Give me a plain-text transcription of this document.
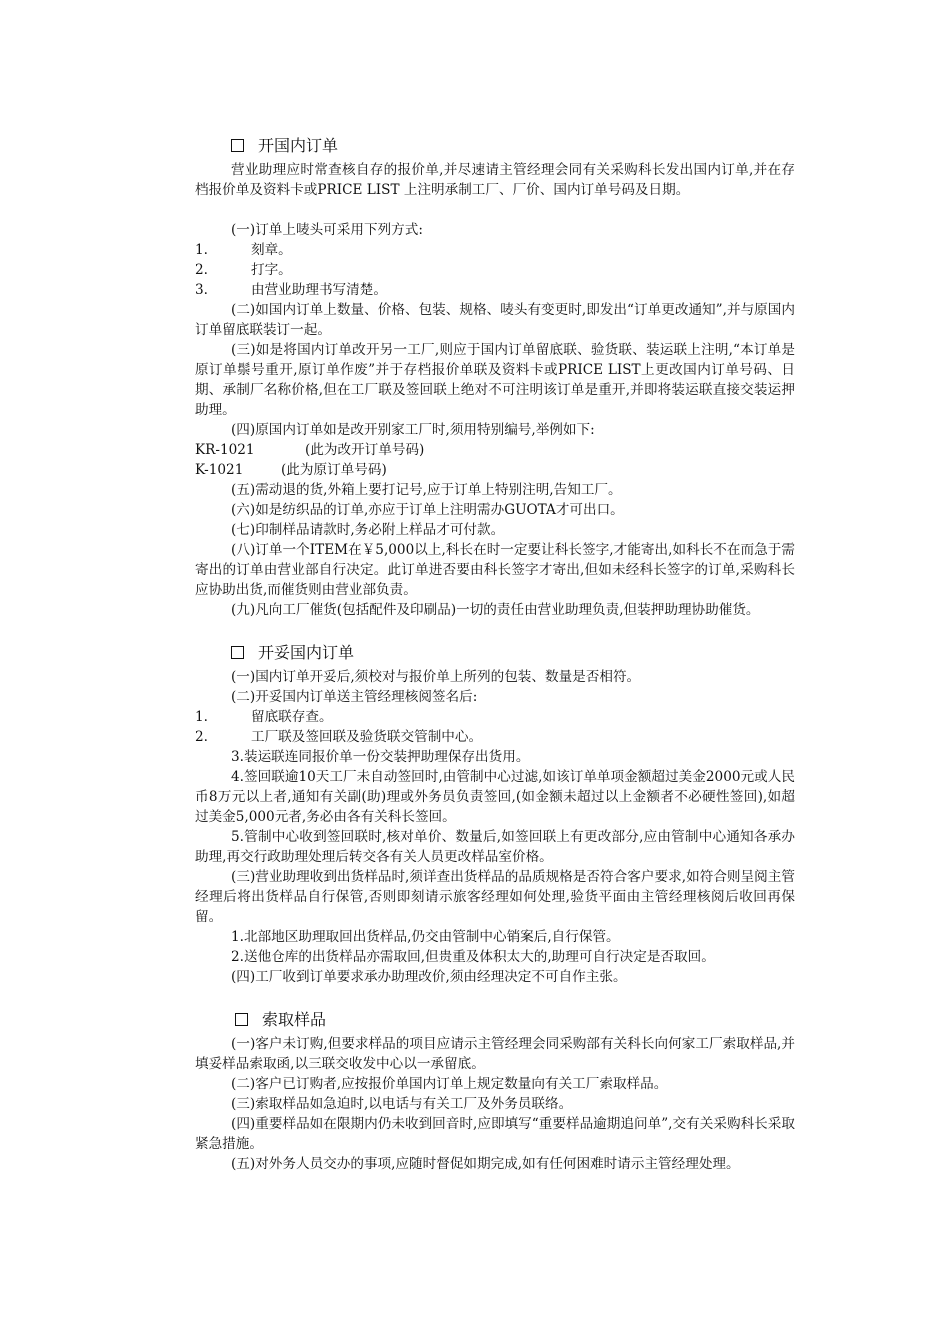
开国内订单

营业助理应时常查核自存的报价单,并尽速请主管经理会同有关采购科长发出国内订单,并在存档报价单及资料卡或PRICE LIST 上注明承制工厂、厂价、国内订单号码及日期。

(一)订单上唛头可采用下列方式:

1.	刻章。
2.	打字。
3.	由营业助理书写清楚。

(二)如国内订单上数量、价格、包装、规格、唛头有变更时,即发出“订单更改通知”,并与原国内订单留底联装订一起。

(三)如是将国内订单改开另一工厂,则应于国内订单留底联、验货联、装运联上注明,“本订单是原订单鬃号重开,原订单作废”并于存档报价单联及资料卡或PRICE LIST上更改国内订单号码、日期、承制厂名称价格,但在工厂联及签回联上绝对不可注明该订单是重开,并即将装运联直接交装运押助理。

(四)原国内订单如是改开别家工厂时,须用特别编号,举例如下:

KR-1021	(此为改开订单号码)
K-1021	(此为原订单号码)

(五)需动退的货,外箱上要打记号,应于订单上特别注明,告知工厂。

(六)如是纺织品的订单,亦应于订单上注明需办GUOTA才可出口。

(七)印制样品请款时,务必附上样品才可付款。

(八)订单一个ITEM在￥5,000以上,科长在时一定要让科长签字,才能寄出,如科长不在而急于需寄出的订单由营业部自行决定。此订单进否要由科长签字才寄出,但如未经科长签字的订单,采购科长应协助出货,而催货则由营业部负责。

(九)凡向工厂催货(包括配件及印刷品)一切的责任由营业助理负责,但装押助理协助催货。

开妥国内订单

(一)国内订单开妥后,须校对与报价单上所列的包装、数量是否相符。

(二)开妥国内订单送主管经理核阅签名后:

1.	留底联存查。
2.	工厂联及签回联及验货联交管制中心。

3.装运联连同报价单一份交装押助理保存出货用。

4.签回联逾10天工厂未自动签回时,由管制中心过滤,如该订单单项金额超过美金2000元或人民币8万元以上者,通知有关副(助)理或外务员负责签回,(如金额未超过以上金额者不必硬性签回),如超过美金5,000元者,务必由各有关科长签回。

5.管制中心收到签回联时,核对单价、数量后,如签回联上有更改部分,应由管制中心通知各承办助理,再交行政助理处理后转交各有关人员更改样品室价格。

(三)营业助理收到出货样品时,须详查出货样品的品质规格是否符合客户要求,如符合则呈阅主管经理后将出货样品自行保管,否则即刻请示旅客经理如何处理,验货平面由主管经理核阅后收回再保留。

1.北部地区助理取回出货样品,仍交由管制中心销案后,自行保管。

2.送他仓库的出货样品亦需取回,但贵重及体积太大的,助理可自行决定是否取回。

(四)工厂收到订单要求承办助理改价,须由经理决定不可自作主张。

索取样品

(一)客户未订购,但要求样品的项目应请示主管经理会同采购部有关科长向何家工厂索取样品,并填妥样品索取函,以三联交收发中心以一承留底。

(二)客户已订购者,应按报价单国内订单上规定数量向有关工厂索取样品。

(三)索取样品如急迫时,以电话与有关工厂及外务员联络。

(四)重要样品如在限期内仍未收到回音时,应即填写“重要样品逾期追问单”,交有关采购科长采取紧急措施。

(五)对外务人员交办的事项,应随时督促如期完成,如有任何困难时请示主管经理处理。
